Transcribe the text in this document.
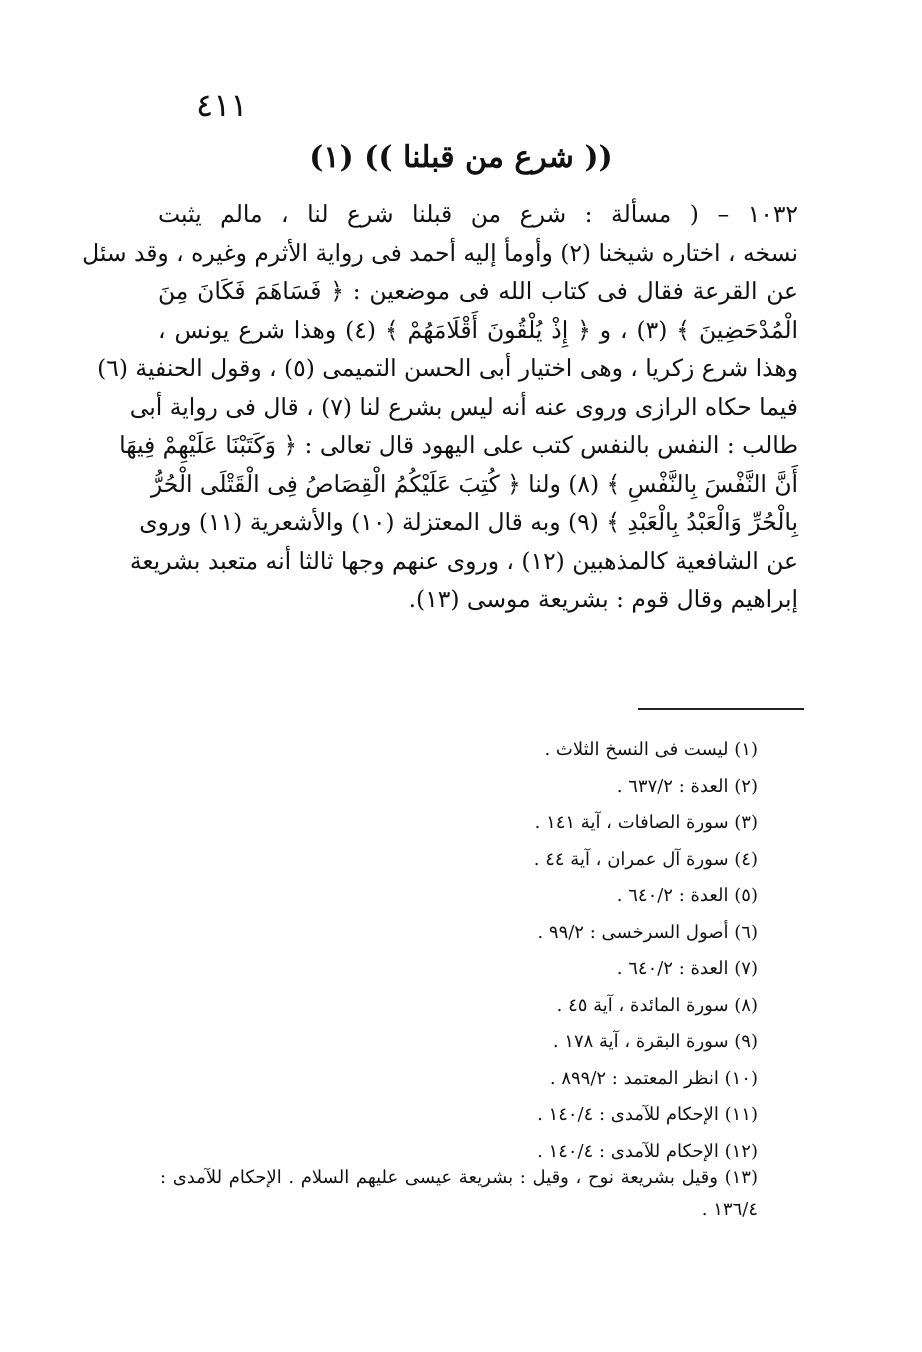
٤١١
(( شرع من قبلنا )) (١)
١٠٣٢ – ( مسألة : شرع من قبلنا شرع لنا ، مالم يثبت
نسخه ، اختاره شيخنا (٢) وأومأ إليه أحمد فى رواية الأثرم وغيره ، وقد سئل
عن القرعة فقال فى كتاب الله فى موضعين : ﴿ فَسَاهَمَ فَكَانَ مِنَ
الْمُدْحَضِينَ ﴾ (٣) ، و ﴿ إِذْ يُلْقُونَ أَقْلَامَهُمْ ﴾ (٤) وهذا شرع يونس ،
وهذا شرع زكريا ، وهى اختيار أبى الحسن التميمى (٥) ، وقول الحنفية (٦)
فيما حكاه الرازى وروى عنه أنه ليس بشرع لنا (٧) ، قال فى رواية أبى
طالب : النفس بالنفس كتب على اليهود قال تعالى : ﴿ وَكَتَبْنَا عَلَيْهِمْ فِيهَا
أَنَّ النَّفْسَ بِالنَّفْسِ ﴾ (٨) ولنا ﴿ كُتِبَ عَلَيْكُمُ الْقِصَاصُ فِى الْقَتْلَى الْحُرُّ
بِالْحُرِّ وَالْعَبْدُ بِالْعَبْدِ ﴾ (٩) وبه قال المعتزلة (١٠) والأشعرية (١١) وروى
عن الشافعية كالمذهبين (١٢) ، وروى عنهم وجها ثالثا أنه متعبد بشريعة
إبراهيم وقال قوم : بشريعة موسى (١٣).
(١) ليست فى النسخ الثلاث .
(٢) العدة : ٦٣٧/٢ .
(٣) سورة الصافات ، آية ١٤١ .
(٤) سورة آل عمران ، آية ٤٤ .
(٥) العدة : ٦٤٠/٢ .
(٦) أصول السرخسى : ٩٩/٢ .
(٧) العدة : ٦٤٠/٢ .
(٨) سورة المائدة ، آية ٤٥ .
(٩) سورة البقرة ، آية ١٧٨ .
(١٠) انظر المعتمد : ٨٩٩/٢ .
(١١) الإحكام للآمدى : ١٤٠/٤ .
(١٢) الإحكام للآمدى : ١٤٠/٤ .
(١٣) وقيل بشريعة نوح ، وقيل : بشريعة عيسى عليهم السلام . الإحكام للآمدى : ١٣٦/٤ .
